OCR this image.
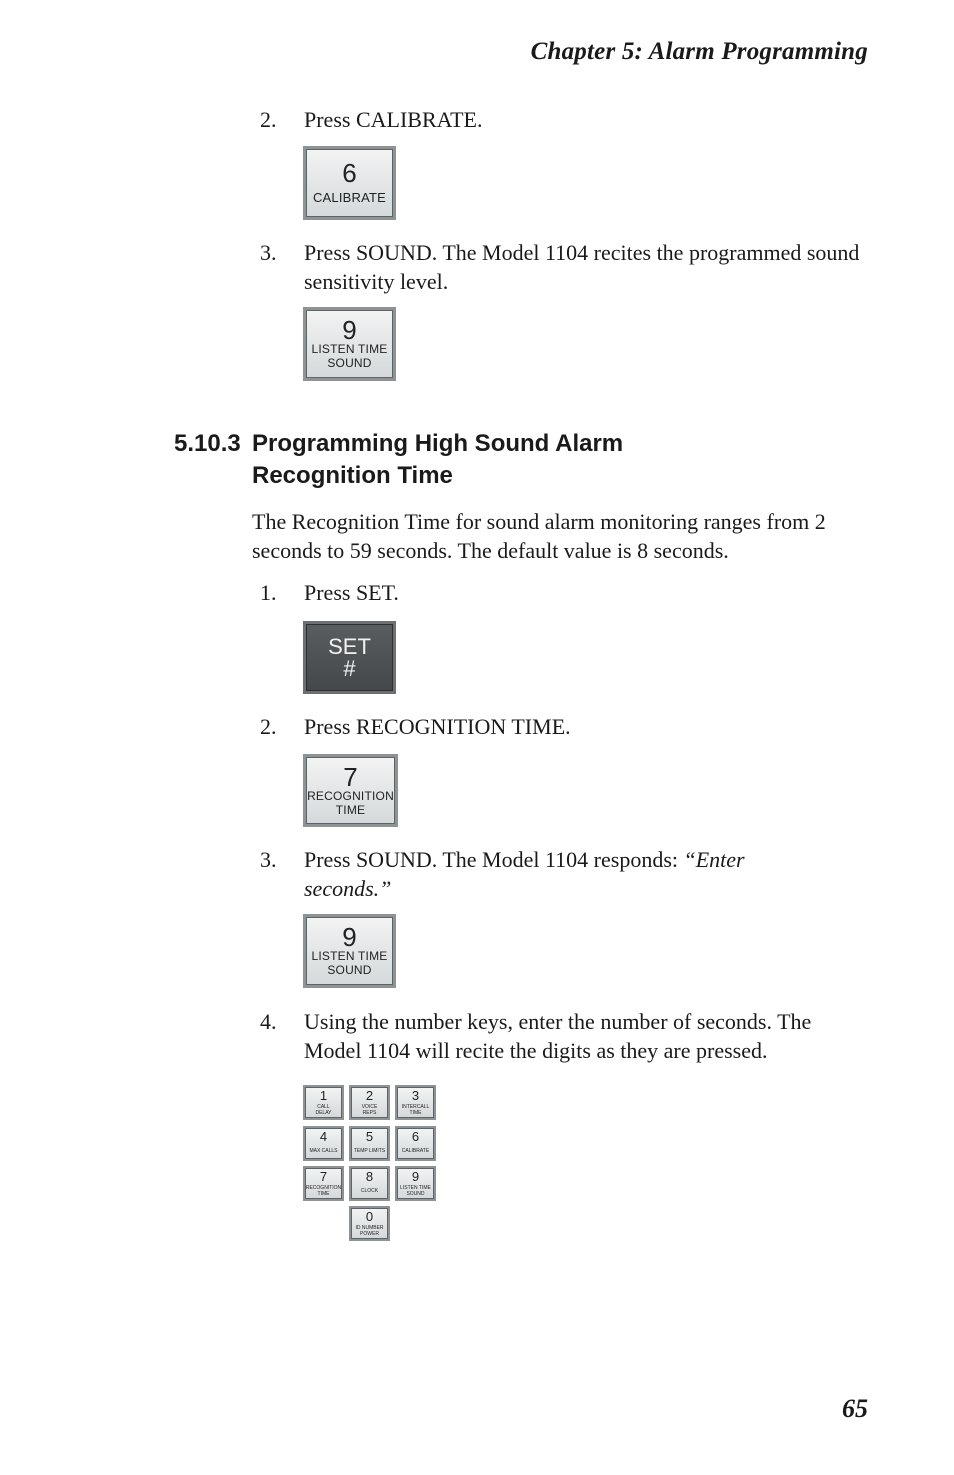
Chapter 5: Alarm Programming
2.	Press CALIBRATE.
6
CALIBRATE
3.	Press SOUND. The Model 1104 recites the programmed sound sensitivity level.
9
LISTEN TIME
SOUND
5.10.3 Programming High Sound Alarm Recognition Time
The Recognition Time for sound alarm monitoring ranges from 2 seconds to 59 seconds. The default value is 8 seconds.
1.	Press SET.
SET
#
2.	Press RECOGNITION TIME.
7
RECOGNITION
TIME
3.	Press SOUND. The Model 1104 responds: “Enter seconds.”
9
LISTEN TIME
SOUND
4.	Using the number keys, enter the number of seconds. The Model 1104 will recite the digits as they are pressed.
1
CALL
DELAY
2
VOICE
REPS
3
INTERCALL
TIME
4
MAX CALLS
5
TEMP LIMITS
6
CALIBRATE
7
RECOGNITION
TIME
8
CLOCK
9
LISTEN TIME
SOUND
0
ID NUMBER
POWER
65
